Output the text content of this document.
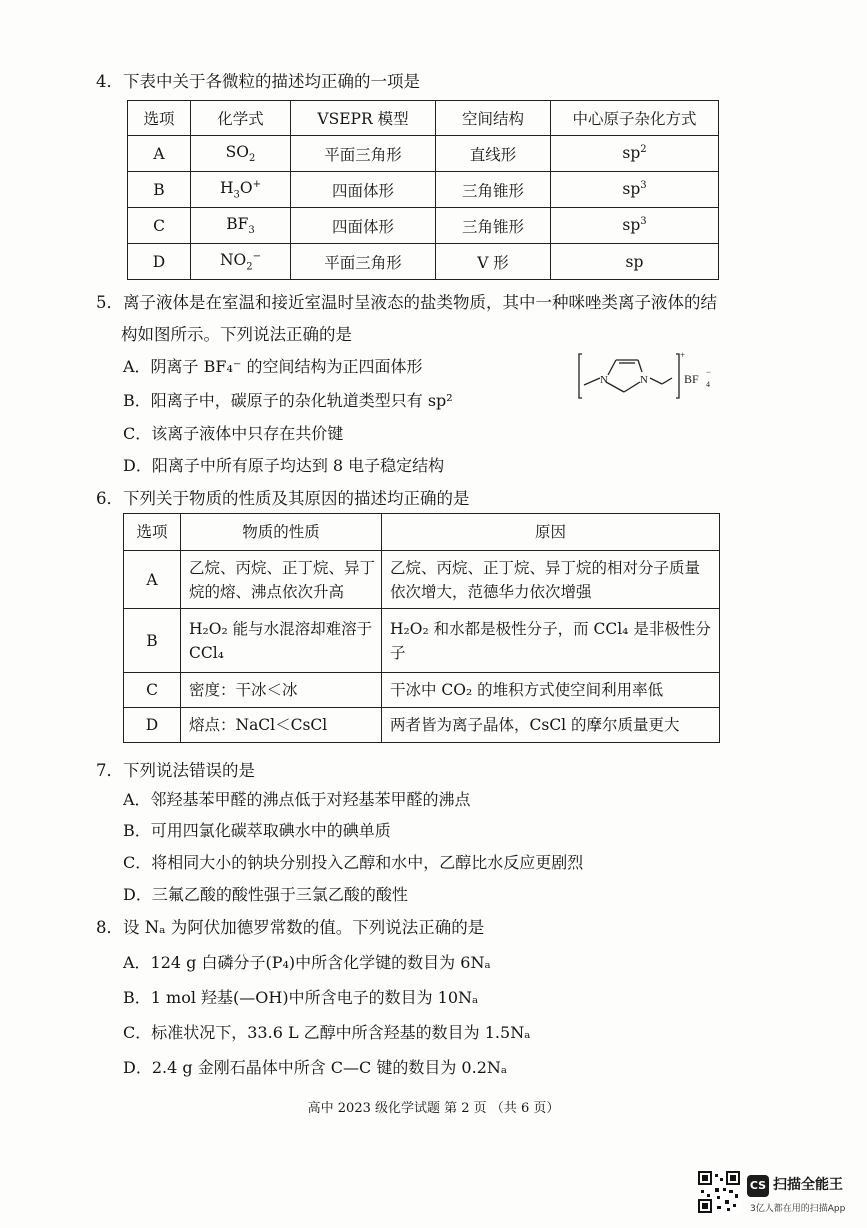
4．下表中关于各微粒的描述均正确的一项是
选项	化学式	VSEPR 模型	空间结构	中心原子杂化方式
A	$SO_2$	平面三角形	直线形	$sp^2$
B	$H_3O^+$	四面体形	三角锥形	$sp^3$
C	$BF_3$	四面体形	三角锥形	$sp^3$
D	$NO_2^-$	平面三角形	V 形	sp
5．离子液体是在室温和接近室温时呈液态的盐类物质，其中一种咪唑类离子液体的结
构如图所示。下列说法正确的是
A．阴离子 BF₄⁻ 的空间结构为正四面体形
B．阳离子中，碳原子的杂化轨道类型只有 sp²
C．该离子液体中只存在共价键
D．阳离子中所有原子均达到 8 电子稳定结构
N	N
+
BF 4
−
6．下列关于物质的性质及其原因的描述均正确的是
选项	物质的性质	原因
A	乙烷、丙烷、正丁烷、异丁烷的熔、沸点依次升高	乙烷、丙烷、正丁烷、异丁烷的相对分子质量依次增大，范德华力依次增强
B	H₂O₂ 能与水混溶却难溶于 CCl₄	H₂O₂ 和水都是极性分子，而 CCl₄ 是非极性分子
C	密度：干冰＜冰	干冰中 CO₂ 的堆积方式使空间利用率低
D	熔点：NaCl＜CsCl	两者皆为离子晶体，CsCl 的摩尔质量更大
7．下列说法错误的是
A．邻羟基苯甲醛的沸点低于对羟基苯甲醛的沸点
B．可用四氯化碳萃取碘水中的碘单质
C．将相同大小的钠块分别投入乙醇和水中，乙醇比水反应更剧烈
D．三氟乙酸的酸性强于三氯乙酸的酸性
8．设 Nₐ 为阿伏加德罗常数的值。下列说法正确的是
A．124 g 白磷分子(P₄)中所含化学键的数目为 6Nₐ
B．1 mol 羟基(—OH)中所含电子的数目为 10Nₐ
C．标准状况下，33.6 L 乙醇中所含羟基的数目为 1.5Nₐ
D．2.4 g 金刚石晶体中所含 C—C 键的数目为 0.2Nₐ
高中 2023 级化学试题 第 2 页 （共 6 页）
CS 扫描全能王
3亿人都在用的扫描App
